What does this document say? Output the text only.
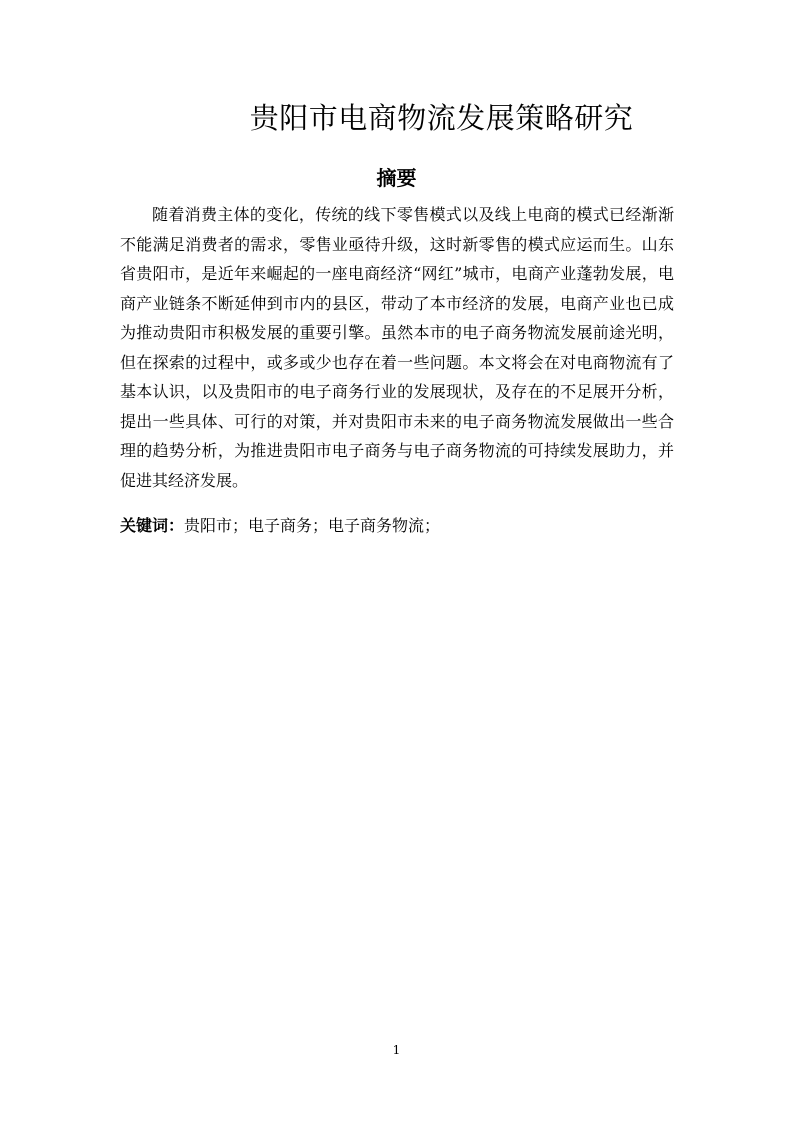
贵阳市电商物流发展策略研究
摘要

随着消费主体的变化，传统的线下零售模式以及线上电商的模式已经渐渐不能满足消费者的需求，零售业亟待升级，这时新零售的模式应运而生。山东省贵阳市，是近年来崛起的一座电商经济“网红”城市，电商产业蓬勃发展，电商产业链条不断延伸到市内的县区，带动了本市经济的发展，电商产业也已成为推动贵阳市积极发展的重要引擎。虽然本市的电子商务物流发展前途光明，但在探索的过程中，或多或少也存在着一些问题。本文将会在对电商物流有了基本认识，以及贵阳市的电子商务行业的发展现状，及存在的不足展开分析，提出一些具体、可行的对策，并对贵阳市未来的电子商务物流发展做出一些合理的趋势分析，为推进贵阳市电子商务与电子商务物流的可持续发展助力，并促进其经济发展。

关键词：贵阳市；电子商务；电子商务物流；
1
